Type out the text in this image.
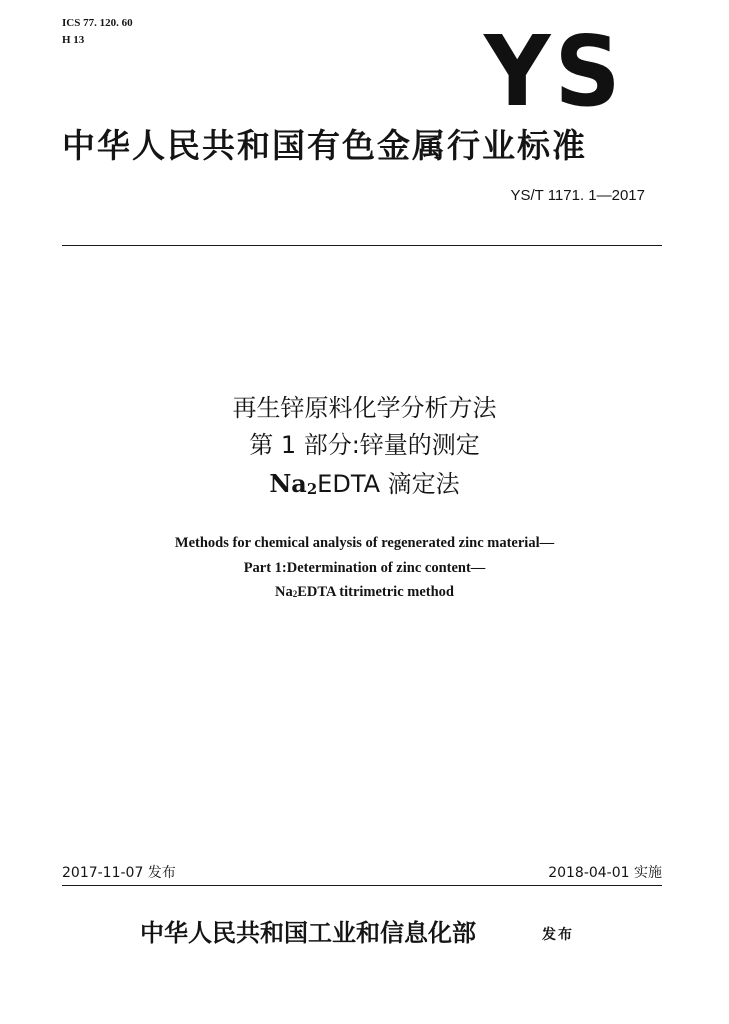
ICS 77. 120. 60
H 13	YS
中华人民共和国有色金属行业标准
YS/T 1171. 1—2017
再生锌原料化学分析方法
第 1 部分:锌量的测定
$Na_2EDTA$ 滴定法
Methods for chemical analysis of regenerated zinc material—
Part 1:Determination of zinc content—
$Na_2EDTA$ titrimetric method
2017-11-07 发布	2018-04-01 实施
中华人民共和国工业和信息化部	发布
